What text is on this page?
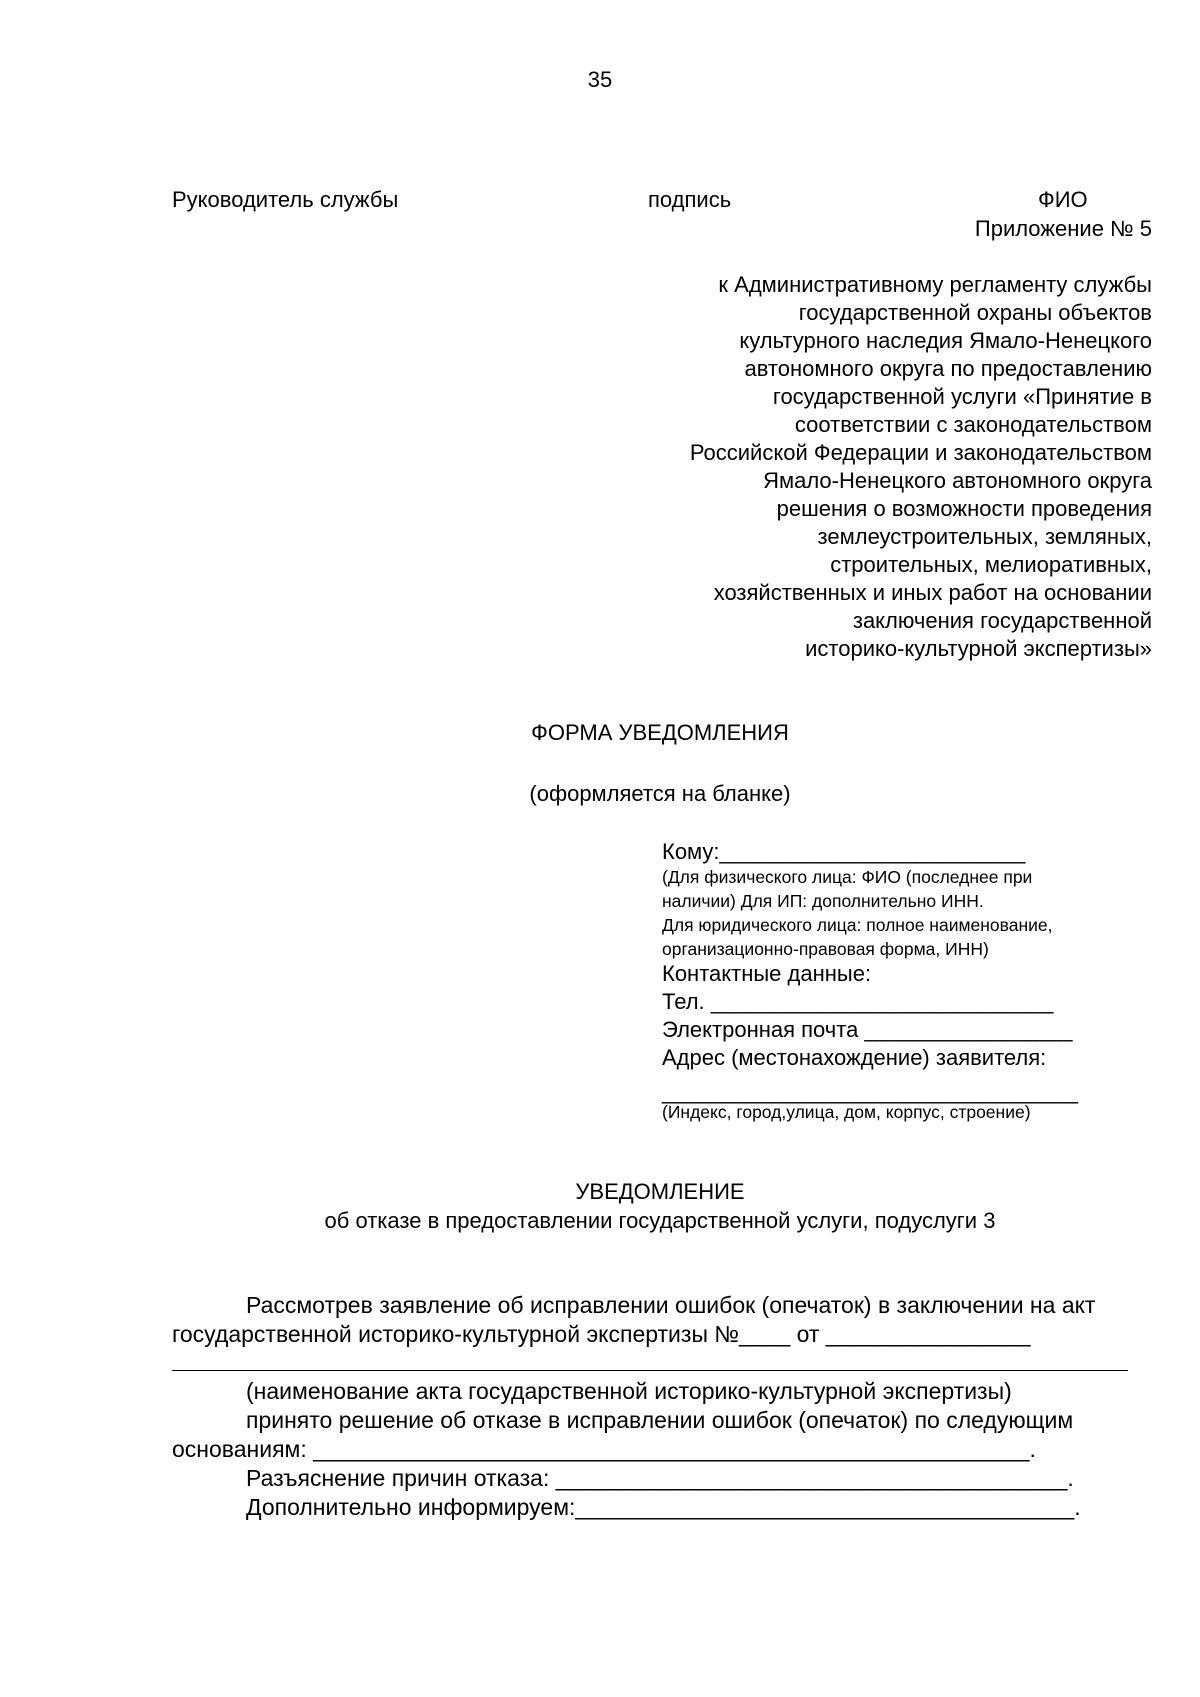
35
Руководитель службы	подпись	ФИО
Приложение № 5
к Административному регламенту службы
государственной охраны объектов
культурного наследия Ямало-Ненецкого
автономного округа по предоставлению
государственной услуги «Принятие в
соответствии с законодательством
Российской Федерации и законодательством
Ямало-Ненецкого автономного округа
решения о возможности проведения
землеустроительных, земляных,
строительных, мелиоративных,
хозяйственных и иных работ на основании
заключения государственной
историко-культурной экспертизы»
ФОРМА УВЕДОМЛЕНИЯ
(оформляется на бланке)
Кому:_________________________
(Для физического лица: ФИО (последнее при
наличии) Для ИП: дополнительно ИНН.
Для юридического лица: полное наименование,
организационно-правовая форма, ИНН)
Контактные данные:
Тел. ____________________________
Электронная почта _________________
Адрес (местонахождение) заявителя:
__________________________________
(Индекс, город,улица, дом, корпус, строение)
УВЕДОМЛЕНИЕ
об отказе в предоставлении государственной услуги, подуслуги 3
Рассмотрев заявление об исправлении ошибок (опечаток) в заключении на акт
государственной историко-культурной экспертизы №____ от ________________
(наименование акта государственной историко-культурной экспертизы)
принято решение об отказе в исправлении ошибок (опечаток) по следующим
основаниям: ________________________________________________________.
Разъяснение причин отказа: ________________________________________.
Дополнительно информируем:_______________________________________.
